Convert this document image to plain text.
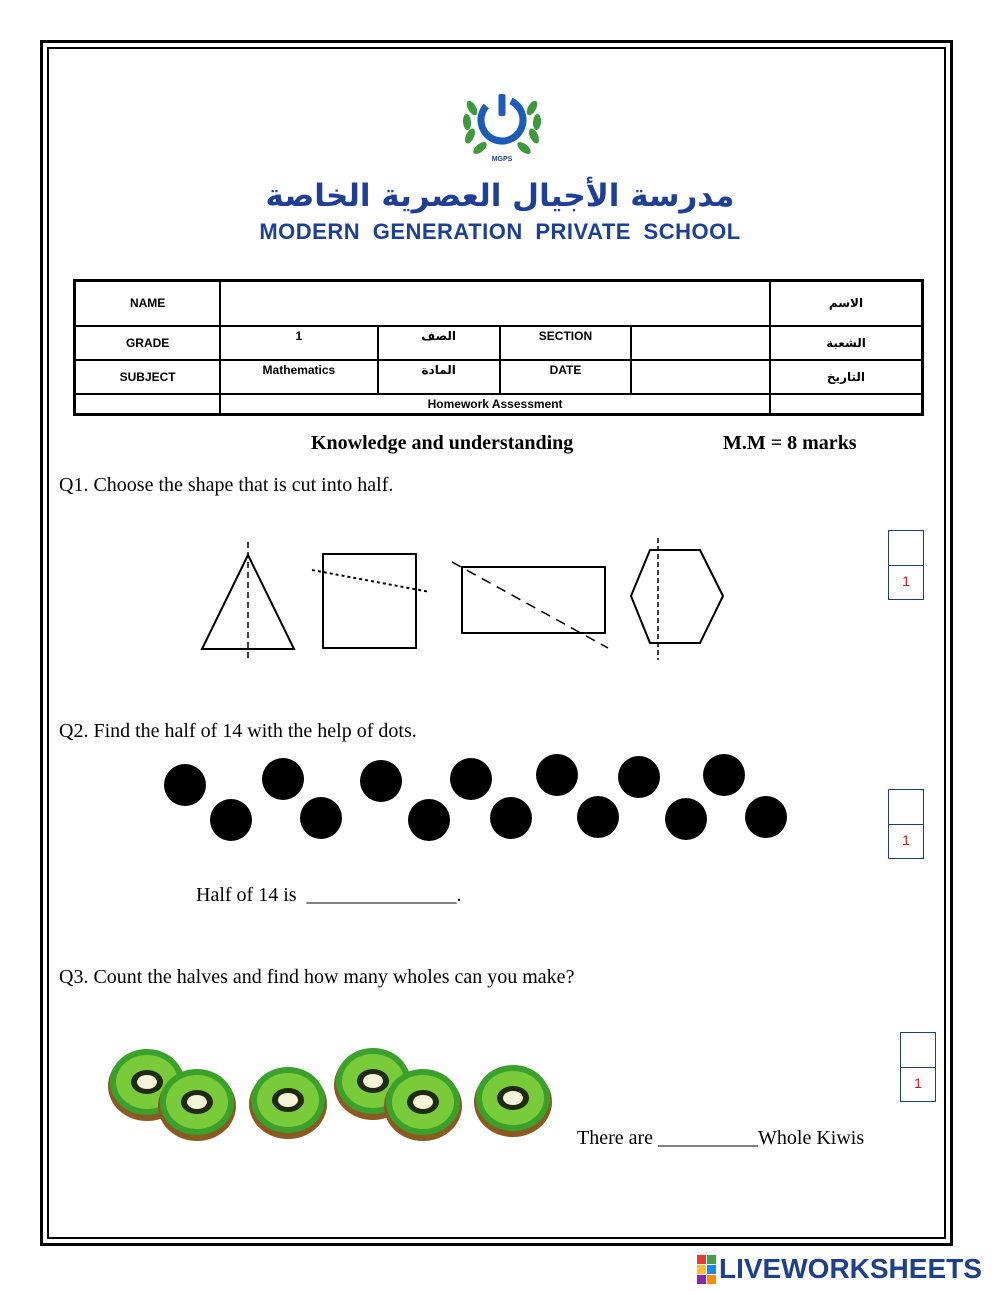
MGPS
مدرسة الأجيال العصرية الخاصة
MODERN GENERATION PRIVATE SCHOOL
NAME					الاسم
GRADE	1	الصف	SECTION		الشعبة
SUBJECT	Mathematics	المادة	DATE		التاريخ
	Homework Assessment				
Knowledge and understanding	M.M = 8 marks
Q1. Choose the shape that is cut into half.
1
Q2. Find the half of 14 with the help of dots.
1
Half of 14 is  _______________.
Q3. Count the halves and find how many wholes can you make?
1
There are __________Whole Kiwis
LIVEWORKSHEETS
